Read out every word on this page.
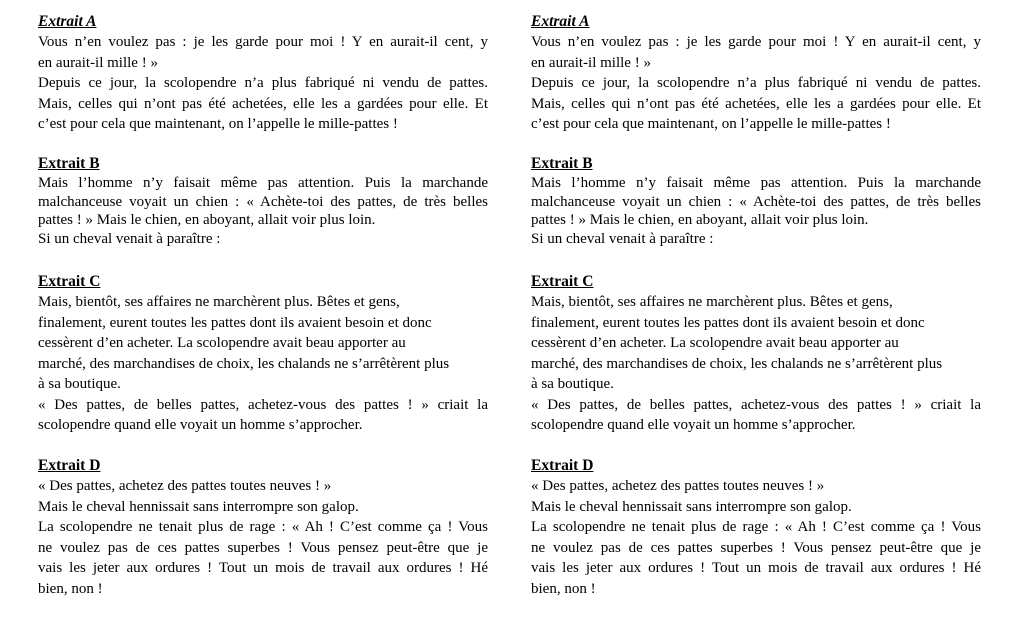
Extrait A

Vous n’en voulez pas : je les garde pour moi ! Y en aurait-il cent, y

en aurait-il mille ! »

Depuis ce jour, la scolopendre n’a plus fabriqué ni vendu de pattes.

Mais, celles qui n’ont pas été achetées, elle les a gardées pour elle. Et

c’est pour cela que maintenant, on l’appelle le mille-pattes !

Extrait B

Mais l’homme n’y faisait même pas attention. Puis la marchande

malchanceuse voyait un chien : « Achète-toi des pattes, de très belles

pattes ! » Mais le chien, en aboyant, allait voir plus loin.

Si un cheval venait à paraître :

Extrait C

Mais, bientôt, ses affaires ne marchèrent plus. Bêtes et gens,

finalement, eurent toutes les pattes dont ils avaient besoin et donc

cessèrent d’en acheter. La scolopendre avait beau apporter au

marché, des marchandises de choix, les chalands ne s’arrêtèrent plus

à sa boutique.

« Des pattes, de belles pattes, achetez-vous des pattes ! » criait la

scolopendre quand elle voyait un homme s’approcher.

Extrait D

« Des pattes, achetez des pattes toutes neuves ! »

Mais le cheval hennissait sans interrompre son galop.

La scolopendre ne tenait plus de rage : « Ah ! C’est comme ça ! Vous

ne voulez pas de ces pattes superbes ! Vous pensez peut-être que je

vais les jeter aux ordures ! Tout un mois de travail aux ordures ! Hé

bien, non !

Extrait A

Vous n’en voulez pas : je les garde pour moi ! Y en aurait-il cent, y

en aurait-il mille ! »

Depuis ce jour, la scolopendre n’a plus fabriqué ni vendu de pattes.

Mais, celles qui n’ont pas été achetées, elle les a gardées pour elle. Et

c’est pour cela que maintenant, on l’appelle le mille-pattes !

Extrait B

Mais l’homme n’y faisait même pas attention. Puis la marchande

malchanceuse voyait un chien : « Achète-toi des pattes, de très belles

pattes ! » Mais le chien, en aboyant, allait voir plus loin.

Si un cheval venait à paraître :

Extrait C

Mais, bientôt, ses affaires ne marchèrent plus. Bêtes et gens,

finalement, eurent toutes les pattes dont ils avaient besoin et donc

cessèrent d’en acheter. La scolopendre avait beau apporter au

marché, des marchandises de choix, les chalands ne s’arrêtèrent plus

à sa boutique.

« Des pattes, de belles pattes, achetez-vous des pattes ! » criait la

scolopendre quand elle voyait un homme s’approcher.

Extrait D

« Des pattes, achetez des pattes toutes neuves ! »

Mais le cheval hennissait sans interrompre son galop.

La scolopendre ne tenait plus de rage : « Ah ! C’est comme ça ! Vous

ne voulez pas de ces pattes superbes ! Vous pensez peut-être que je

vais les jeter aux ordures ! Tout un mois de travail aux ordures ! Hé

bien, non !
